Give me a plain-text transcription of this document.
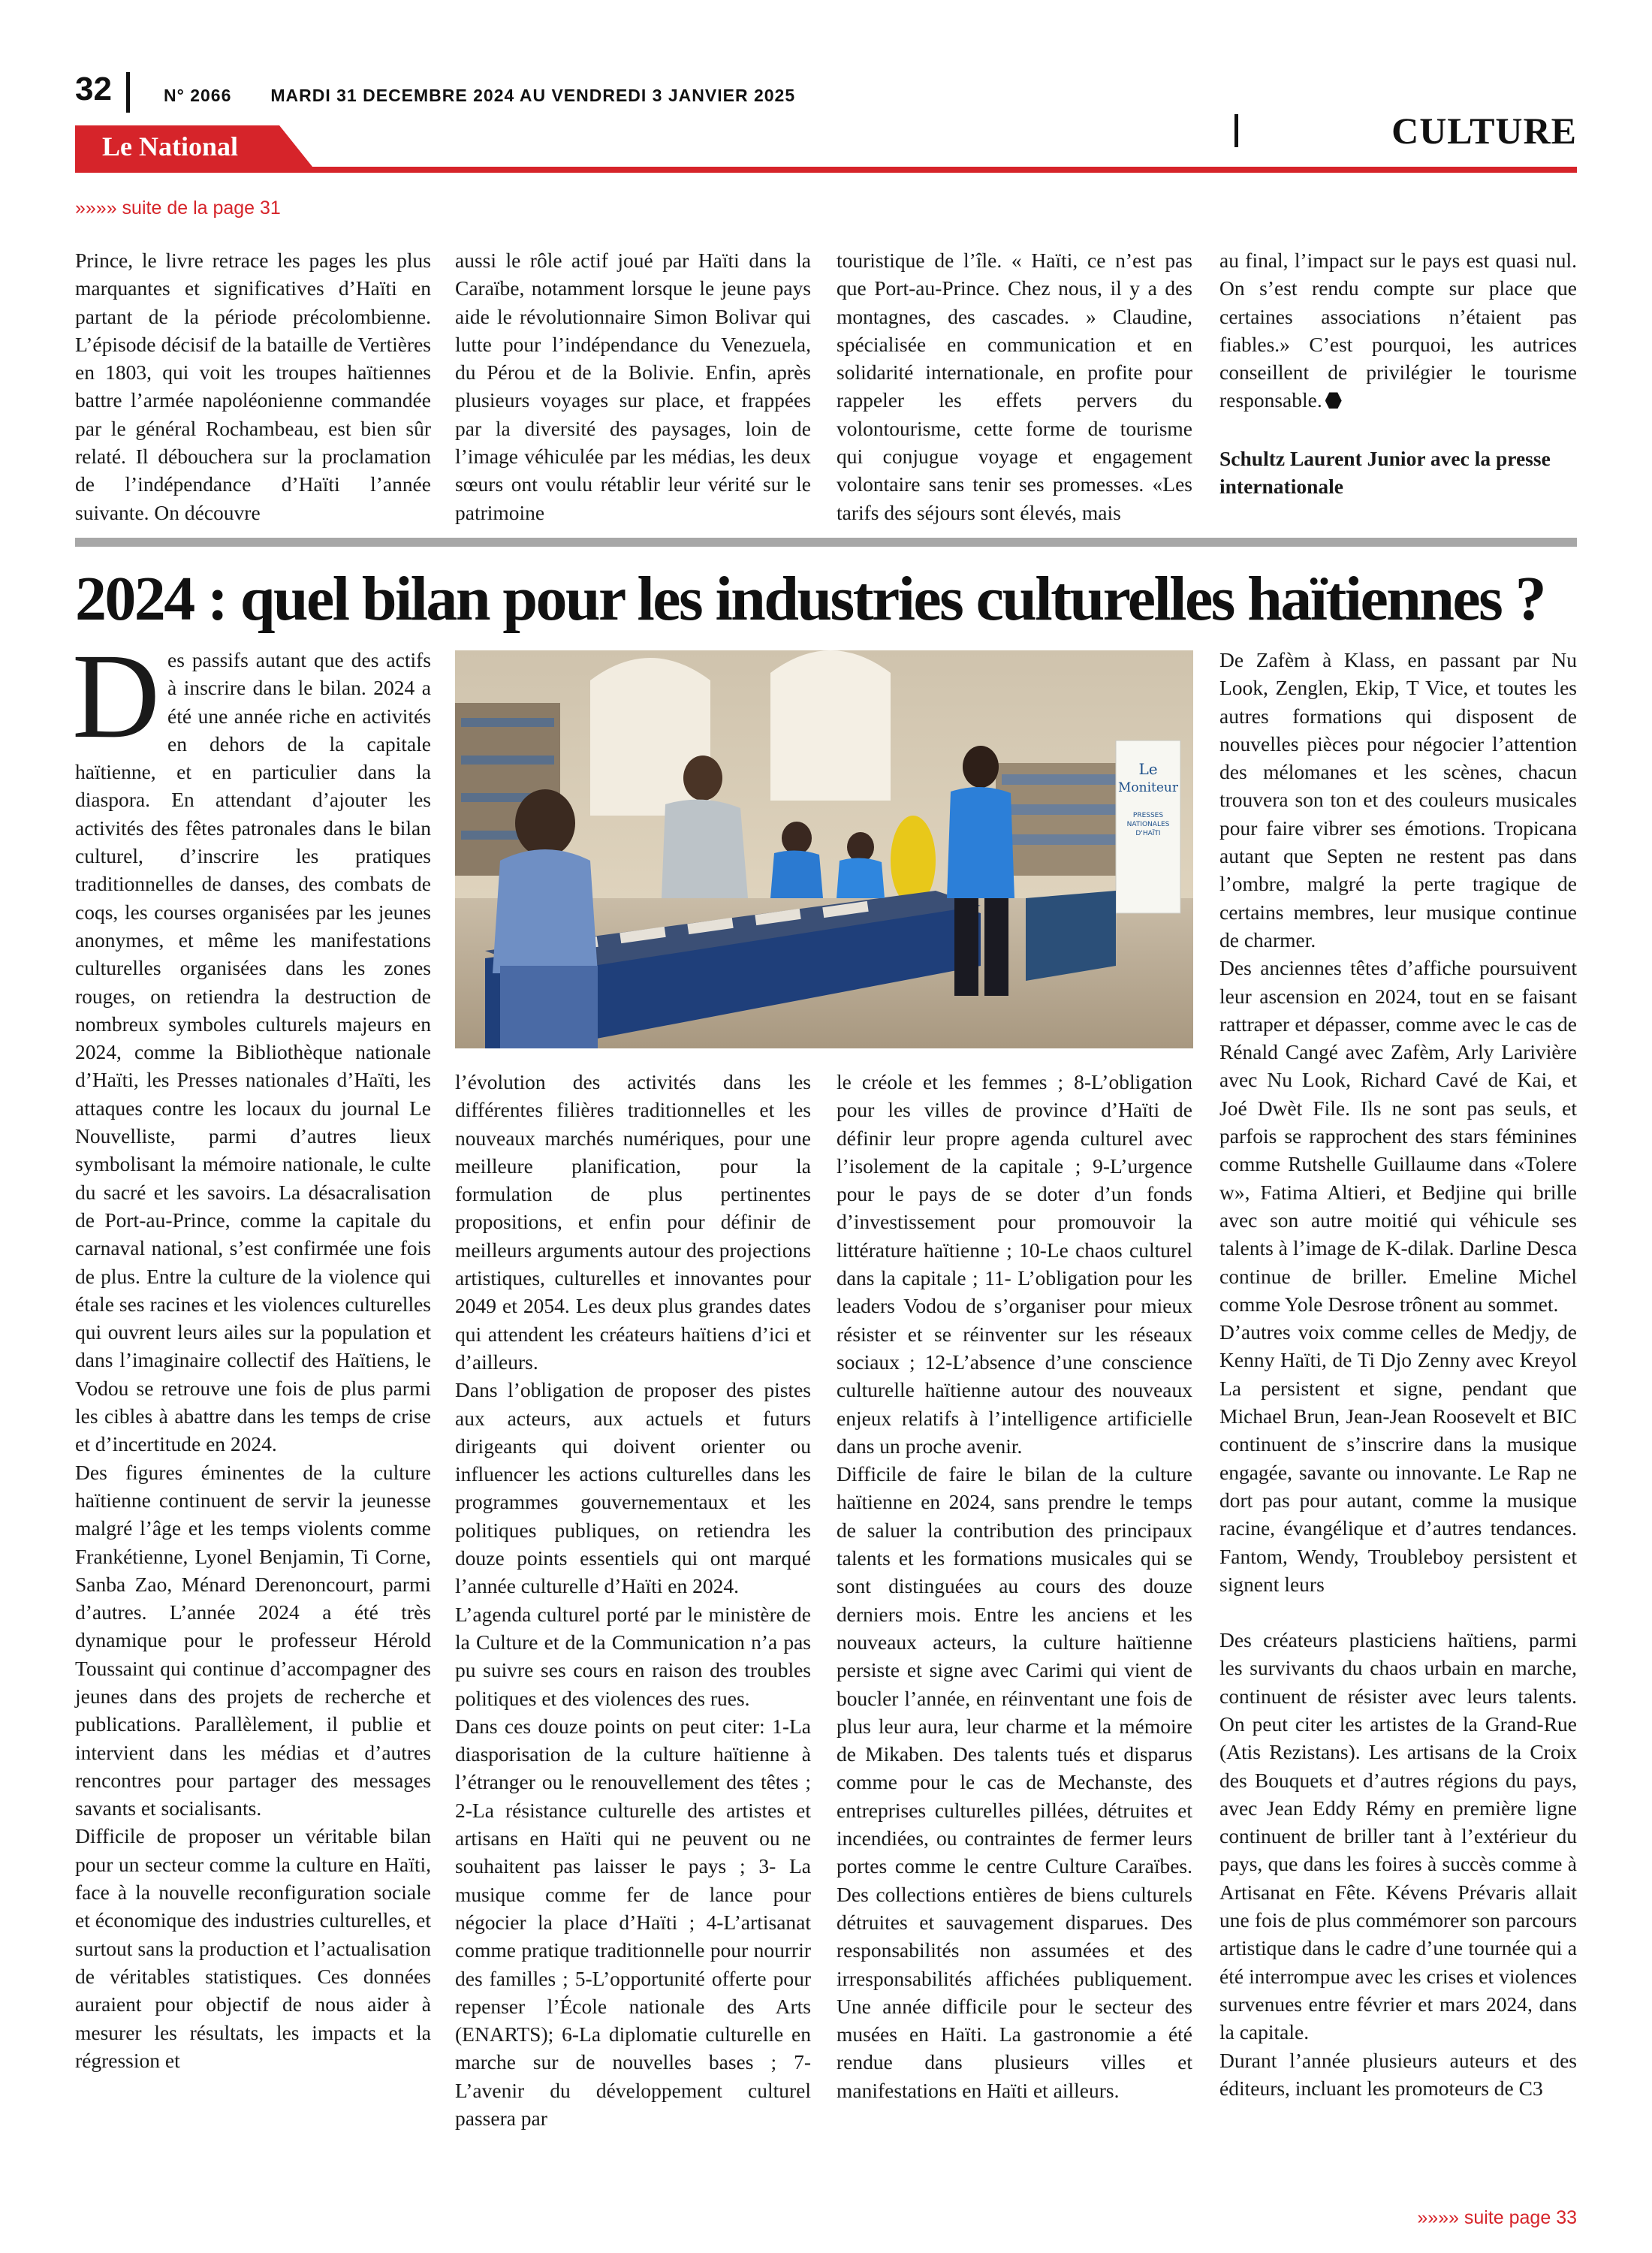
32	N° 2066 MARDI 31 DECEMBRE 2024 AU VENDREDI 3 JANVIER 2025
CULTURE
Le National
»»»» suite de la page 31

Prince, le livre retrace les pages les plus marquantes et significatives d’Haïti en partant de la période précolombienne. L’épisode décisif de la bataille de Vertières en 1803, qui voit les troupes haïtiennes battre l’armée napoléonienne commandée par le général Rochambeau, est bien sûr relaté. Il débouchera sur la proclamation de l’indépendance d’Haïti l’année suivante. On découvre

aussi le rôle actif joué par Haïti dans la Caraïbe, notamment lorsque le jeune pays aide le révolutionnaire Simon Bolivar qui lutte pour l’indépendance du Venezuela, du Pérou et de la Bolivie. Enfin, après plusieurs voyages sur place, et frappées par la diversité des paysages, loin de l’image véhiculée par les médias, les deux sœurs ont voulu rétablir leur vérité sur le patrimoine

touristique de l’île. « Haïti, ce n’est pas que Port-au-Prince. Chez nous, il y a des montagnes, des cascades. » Claudine, spécialisée en communication et en solidarité internationale, en profite pour rappeler les effets pervers du volontourisme, cette forme de tourisme qui conjugue voyage et engagement volontaire sans tenir ses promesses. «Les tarifs des séjours sont élevés, mais

au final, l’impact sur le pays est quasi nul. On s’est rendu compte sur place que certaines associations n’étaient pas fiables.» C’est pourquoi, les autrices conseillent de privilégier le tourisme responsable.

Schultz Laurent Junior avec la presse internationale

2024 : quel bilan pour les industries culturelles haïtiennes ?
Le
Moniteur
PRESSES
NATIONALES
D'HAÏTI

Des passifs autant que des actifs à inscrire dans le bilan. 2024 a été une année riche en activités en dehors de la capitale haïtienne, et en particulier dans la diaspora. En attendant d’ajouter les activités des fêtes patronales dans le bilan culturel, d’inscrire les pratiques traditionnelles de danses, des combats de coqs, les courses organisées par les jeunes anonymes, et même les manifestations culturelles organisées dans les zones rouges, on retiendra la destruction de nombreux symboles culturels majeurs en 2024, comme la Bibliothèque nationale d’Haïti, les Presses nationales d’Haïti, les attaques contre les locaux du journal Le Nouvelliste, parmi d’autres lieux symbolisant la mémoire nationale, le culte du sacré et les savoirs. La désacralisation de Port-au-Prince, comme la capitale du carnaval national, s’est confirmée une fois de plus. Entre la culture de la violence qui étale ses racines et les violences culturelles qui ouvrent leurs ailes sur la population et dans l’imaginaire collectif des Haïtiens, le Vodou se retrouve une fois de plus parmi les cibles à abattre dans les temps de crise et d’incertitude en 2024.

Des figures éminentes de la culture haïtienne continuent de servir la jeunesse malgré l’âge et les temps violents comme Frankétienne, Lyonel Benjamin, Ti Corne, Sanba Zao, Ménard Derenoncourt, parmi d’autres. L’année 2024 a été très dynamique pour le professeur Hérold Toussaint qui continue d’accompagner des jeunes dans des projets de recherche et publications. Parallèlement, il publie et intervient dans les médias et d’autres rencontres pour partager des messages savants et socialisants.

Difficile de proposer un véritable bilan pour un secteur comme la culture en Haïti, face à la nouvelle reconfiguration sociale et économique des industries culturelles, et surtout sans la production et l’actualisation de véritables statistiques. Ces données auraient pour objectif de nous aider à mesurer les résultats, les impacts et la régression et

l’évolution des activités dans les différentes filières traditionnelles et les nouveaux marchés numériques, pour une meilleure planification, pour la formulation de plus pertinentes propositions, et enfin pour définir de meilleurs arguments autour des projections artistiques, culturelles et innovantes pour 2049 et 2054. Les deux plus grandes dates qui attendent les créateurs haïtiens d’ici et d’ailleurs.

Dans l’obligation de proposer des pistes aux acteurs, aux actuels et futurs dirigeants qui doivent orienter ou influencer les actions culturelles dans les programmes gouvernementaux et les politiques publiques, on retiendra les douze points essentiels qui ont marqué l’année culturelle d’Haïti en 2024.

L’agenda culturel porté par le ministère de la Culture et de la Communication n’a pas pu suivre ses cours en raison des troubles politiques et des violences des rues.

Dans ces douze points on peut citer: 1-La diasporisation de la culture haïtienne à l’étranger ou le renouvellement des têtes ; 2-La résistance culturelle des artistes et artisans en Haïti qui ne peuvent ou ne souhaitent pas laisser le pays ; 3- La musique comme fer de lance pour négocier la place d’Haïti ; 4-L’artisanat comme pratique traditionnelle pour nourrir des familles ; 5-L’opportunité offerte pour repenser l’École nationale des Arts (ENARTS); 6-La diplomatie culturelle en marche sur de nouvelles bases ; 7- L’avenir du développement culturel passera par

le créole et les femmes ; 8-L’obligation pour les villes de province d’Haïti de définir leur propre agenda culturel avec l’isolement de la capitale ; 9-L’urgence pour le pays de se doter d’un fonds d’investissement pour promouvoir la littérature haïtienne ; 10-Le chaos culturel dans la capitale ; 11- L’obligation pour les leaders Vodou de s’organiser pour mieux résister et se réinventer sur les réseaux sociaux ; 12-L’absence d’une conscience culturelle haïtienne autour des nouveaux enjeux relatifs à l’intelligence artificielle dans un proche avenir.

Difficile de faire le bilan de la culture haïtienne en 2024, sans prendre le temps de saluer la contribution des principaux talents et les formations musicales qui se sont distinguées au cours des douze derniers mois. Entre les anciens et les nouveaux acteurs, la culture haïtienne persiste et signe avec Carimi qui vient de boucler l’année, en réinventant une fois de plus leur aura, leur charme et la mémoire de Mikaben. Des talents tués et disparus comme pour le cas de Mechanste, des entreprises culturelles pillées, détruites et incendiées, ou contraintes de fermer leurs portes comme le centre Culture Caraïbes. Des collections entières de biens culturels détruites et sauvagement disparues. Des responsabilités non assumées et des irresponsabilités affichées publiquement. Une année difficile pour le secteur des musées en Haïti. La gastronomie a été rendue dans plusieurs villes et manifestations en Haïti et ailleurs.

De Zafèm à Klass, en passant par Nu Look, Zenglen, Ekip, T Vice, et toutes les autres formations qui disposent de nouvelles pièces pour négocier l’attention des mélomanes et les scènes, chacun trouvera son ton et des couleurs musicales pour faire vibrer ses émotions. Tropicana autant que Septen ne restent pas dans l’ombre, malgré la perte tragique de certains membres, leur musique continue de charmer.

Des anciennes têtes d’affiche poursuivent leur ascension en 2024, tout en se faisant rattraper et dépasser, comme avec le cas de Rénald Cangé avec Zafèm, Arly Larivière avec Nu Look, Richard Cavé de Kai, et Joé Dwèt File. Ils ne sont pas seuls, et parfois se rapprochent des stars féminines comme Rutshelle Guillaume dans «Tolere w», Fatima Altieri, et Bedjine qui brille avec son autre moitié qui véhicule ses talents à l’image de K-dilak. Darline Desca continue de briller. Emeline Michel comme Yole Desrose trônent au sommet.

D’autres voix comme celles de Medjy, de Kenny Haïti, de Ti Djo Zenny avec Kreyol La persistent et signe, pendant que Michael Brun, Jean-Jean Roosevelt et BIC continuent de s’inscrire dans la musique engagée, savante ou innovante. Le Rap ne dort pas pour autant, comme la musique racine, évangélique et d’autres tendances. Fantom, Wendy, Troubleboy persistent et signent leurs

Des créateurs plasticiens haïtiens, parmi les survivants du chaos urbain en marche, continuent de résister avec leurs talents. On peut citer les artistes de la Grand-Rue (Atis Rezistans). Les artisans de la Croix des Bouquets et d’autres régions du pays, avec Jean Eddy Rémy en première ligne continuent de briller tant à l’extérieur du pays, que dans les foires à succès comme à Artisanat en Fête. Kévens Prévaris allait une fois de plus commémorer son parcours artistique dans le cadre d’une tournée qui a été interrompue avec les crises et violences survenues entre février et mars 2024, dans la capitale.

Durant l’année plusieurs auteurs et des éditeurs, incluant les promoteurs de C3

»»»» suite page 33
